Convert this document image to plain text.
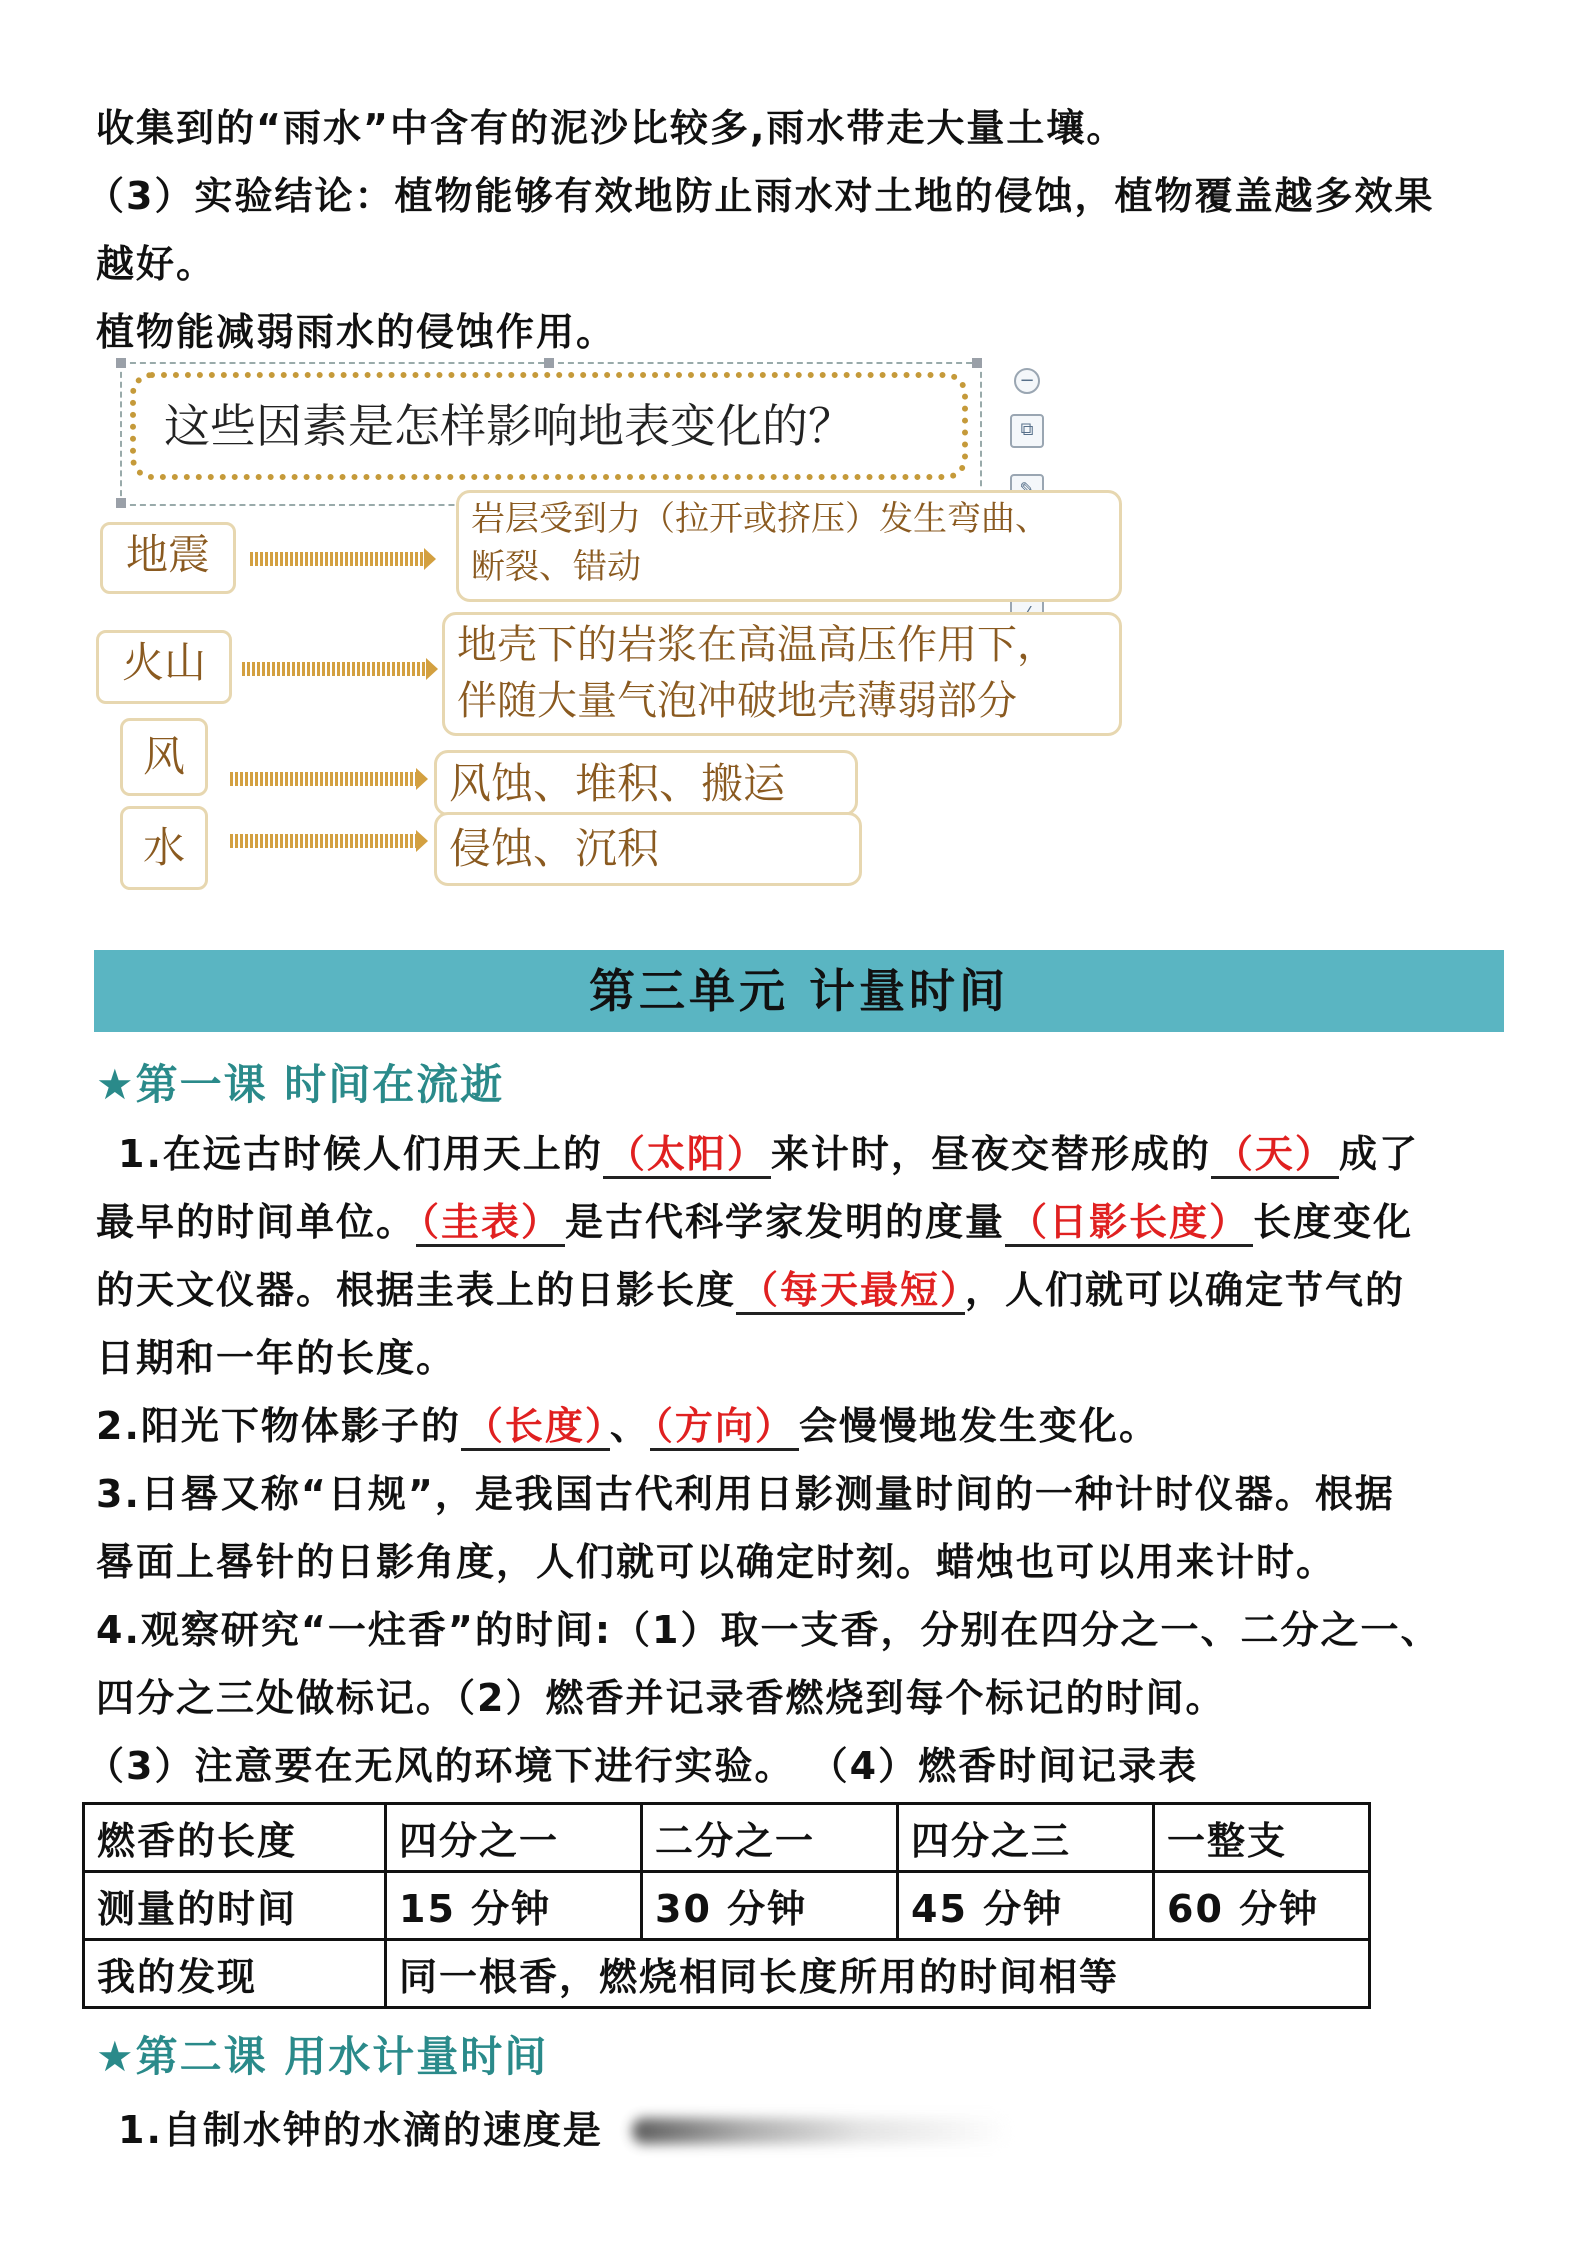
收集到的“雨水”中含有的泥沙比较多,雨水带走大量土壤。
（3）实验结论：植物能够有效地防止雨水对土地的侵蚀，植物覆盖越多效果
越好。
植物能减弱雨水的侵蚀作用。
这些因素是怎样影响地表变化的？
−
⧉
地震
岩层受到力（拉开或挤压）发生弯曲、
断裂、错动
火山	地壳下的岩浆在高温高压作用下，
伴随大量气泡冲破地壳薄弱部分
风
风蚀、堆积、搬运
水	侵蚀、沉积
第三单元 计量时间
★第一课 时间在流逝
1.在远古时候人们用天上的 （太阳） 来计时，昼夜交替形成的 （天） 成了
最早的时间单位。 （圭表） 是古代科学家发明的度量 （日影长度） 长度变化
的天文仪器。根据圭表上的日影长度 （每天最短） ，人们就可以确定节气的
日期和一年的长度。
2.阳光下物体影子的 （长度） 、 （方向） 会慢慢地发生变化。
3.日晷又称“日规”，是我国古代利用日影测量时间的一种计时仪器。根据
晷面上晷针的日影角度，人们就可以确定时刻。蜡烛也可以用来计时。
4.观察研究“一炷香”的时间:（1）取一支香，分别在四分之一、二分之一、
四分之三处做标记。（2）燃香并记录香燃烧到每个标记的时间。
（3）注意要在无风的环境下进行实验。 （4）燃香时间记录表
燃香的长度	四分之一	二分之一	四分之三	一整支
测量的时间	15 分钟	30 分钟	45 分钟	60 分钟
我的发现	同一根香，燃烧相同长度所用的时间相等			
★第二课 用水计量时间
1.自制水钟的水滴的速度是
